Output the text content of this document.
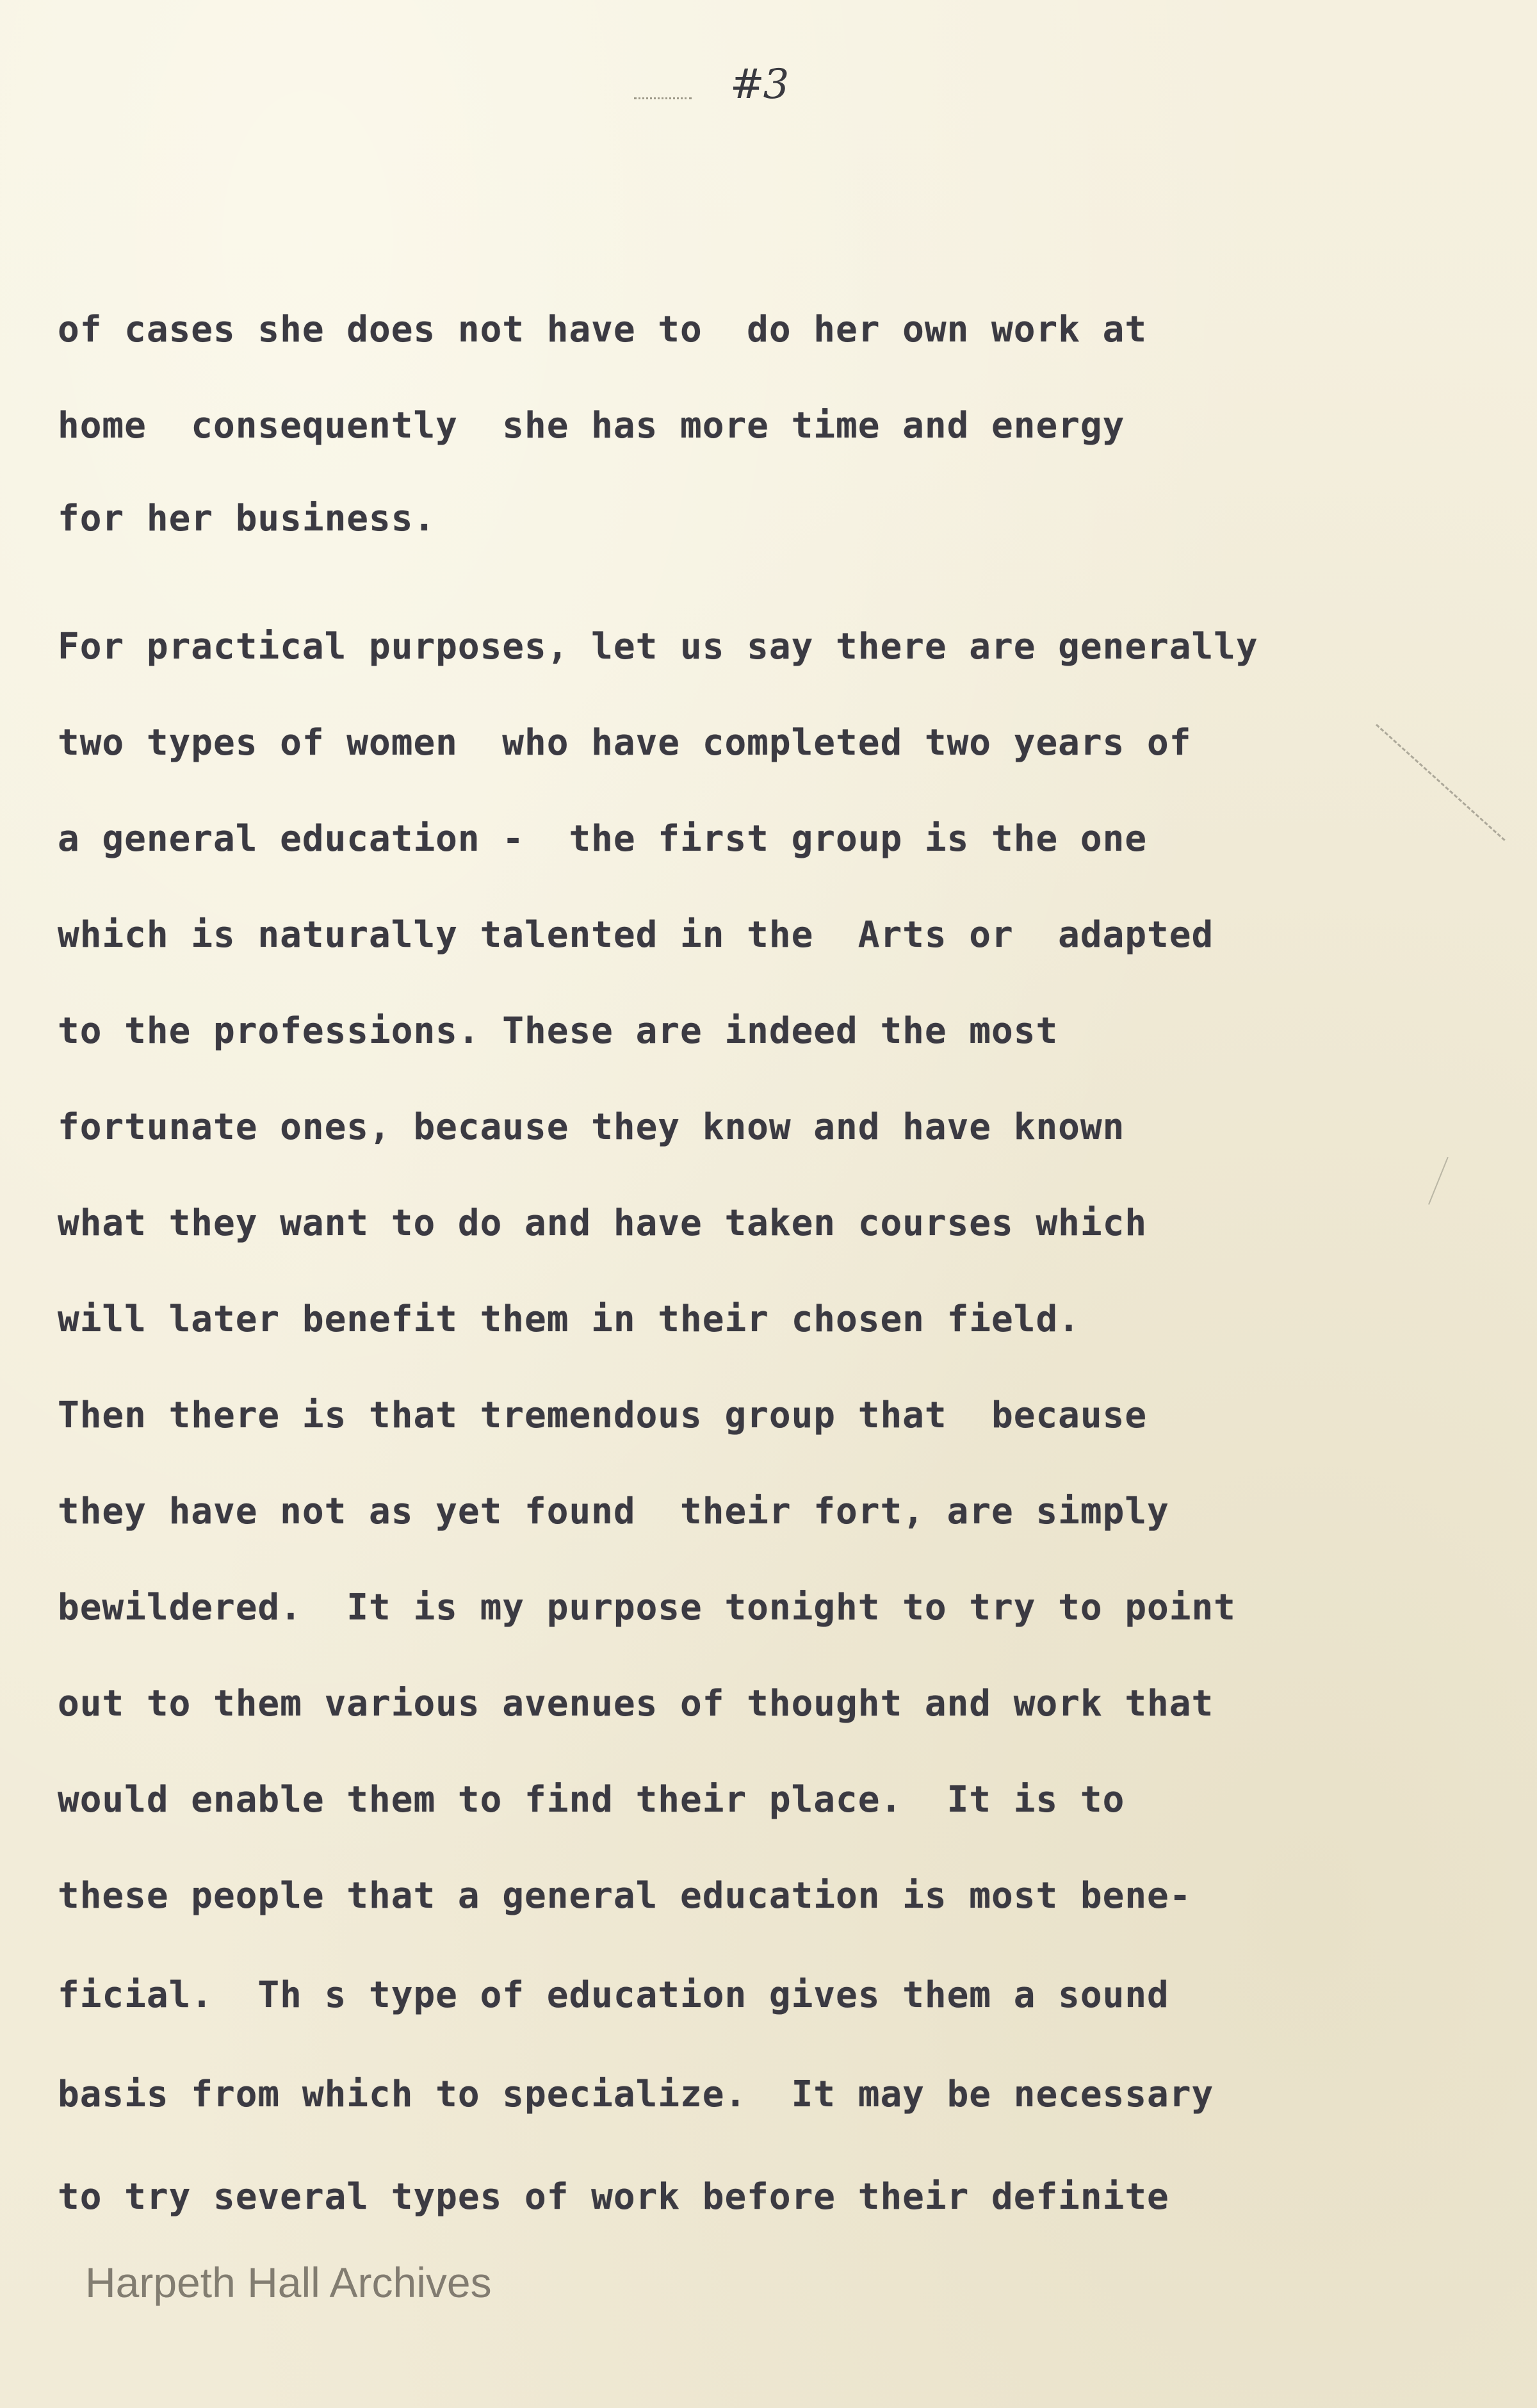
#3

of cases she does not have to  do her own work at

home  consequently  she has more time and energy

for her business.

For practical purposes, let us say there are generally

two types of women  who have completed two years of

a general education -  the first group is the one

which is naturally talented in the  Arts or  adapted

to the professions. These are indeed the most

fortunate ones, because they know and have known

what they want to do and have taken courses which

will later benefit them in their chosen field.

Then there is that tremendous group that  because

they have not as yet found  their fort, are simply

bewildered.  It is my purpose tonight to try to point

out to them various avenues of thought and work that

would enable them to find their place.  It is to

these people that a general education is most bene-

ficial.  Th s type of education gives them a sound

basis from which to specialize.  It may be necessary

to try several types of work before their definite

Harpeth Hall Archives
